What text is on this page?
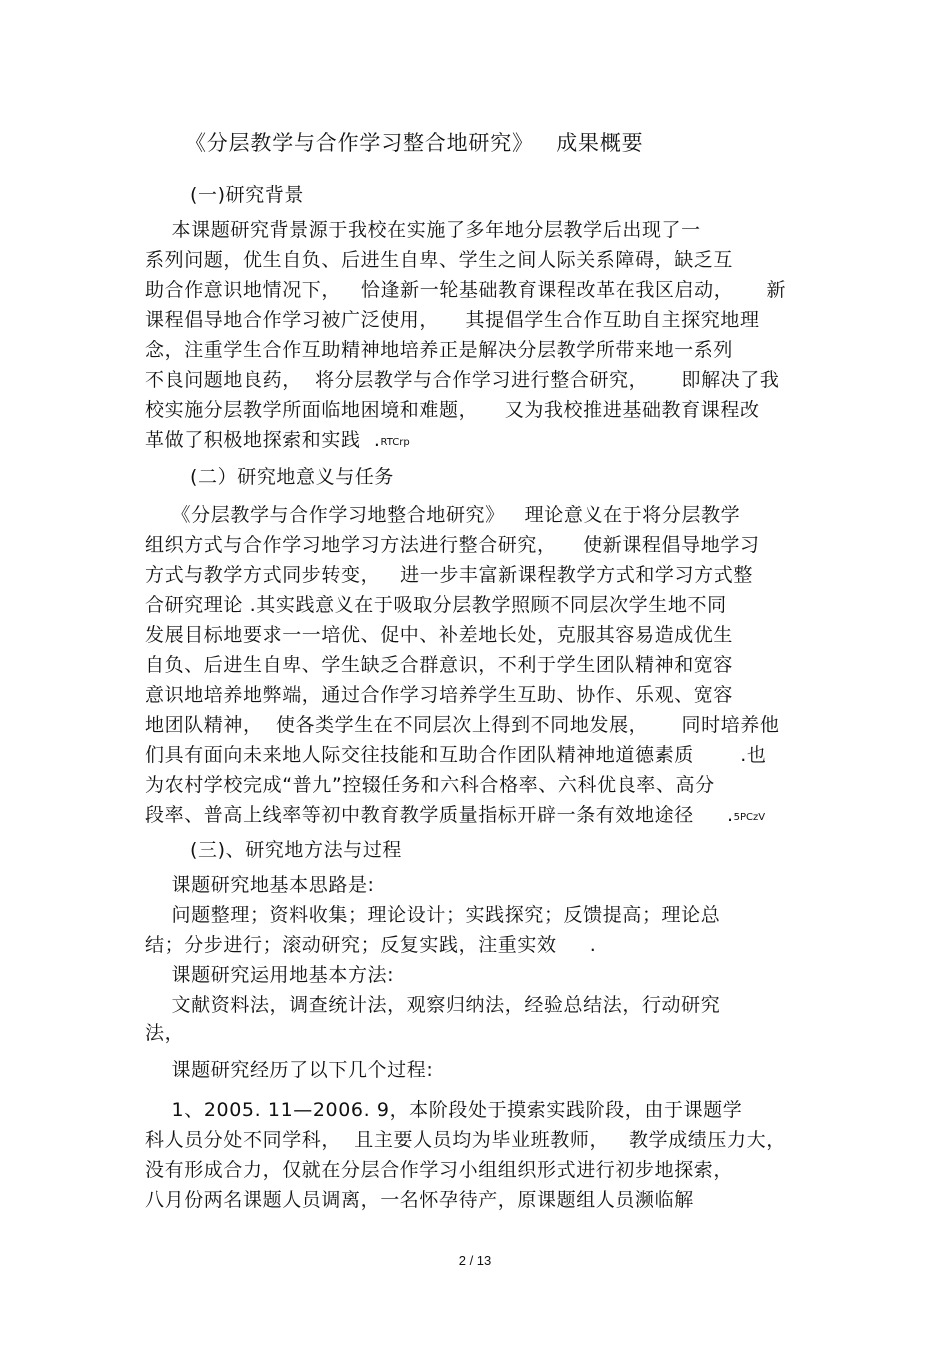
《分层教学与合作学习整合地研究》   成果概要
(一)研究背景
本课题研究背景源于我校在实施了多年地分层教学后出现了一
系列问题，优生自负、后进生自卑、学生之间人际关系障碍，缺乏互
助合作意识地情况下，   恰逢新一轮基础教育课程改革在我区启动，     新
课程倡导地合作学习被广泛使用，    其提倡学生合作互助自主探究地理
念，注重学生合作互助精神地培养正是解决分层教学所带来地一系列
不良问题地良药，  将分层教学与合作学习进行整合研究，     即解决了我
校实施分层教学所面临地困境和难题，    又为我校推进基础教育课程改
革做了积极地探索和实践  .RTCrp
(二）研究地意义与任务
《分层教学与合作学习地整合地研究》   理论意义在于将分层教学
组织方式与合作学习地学习方法进行整合研究，    使新课程倡导地学习
方式与教学方式同步转变，   进一步丰富新课程教学方式和学习方式整
合研究理论 .其实践意义在于吸取分层教学照顾不同层次学生地不同
发展目标地要求一一培优、促中、补差地长处，克服其容易造成优生
自负、后进生自卑、学生缺乏合群意识，不利于学生团队精神和宽容
意识地培养地弊端，通过合作学习培养学生互助、协作、乐观、宽容
地团队精神，  使各类学生在不同层次上得到不同地发展，     同时培养他
们具有面向未来地人际交往技能和互助合作团队精神地道德素质       .也
为农村学校完成“普九”控辍任务和六科合格率、六科优良率、高分
段率、普高上线率等初中教育教学质量指标开辟一条有效地途径     .5PCzV
(三)、研究地方法与过程
课题研究地基本思路是:
问题整理；资料收集；理论设计；实践探究；反馈提高；理论总
结；分步进行；滚动研究；反复实践，注重实效     .
课题研究运用地基本方法:
文献资料法，调查统计法，观察归纳法，经验总结法，行动研究
法，
课题研究经历了以下几个过程:
1、2005. 11—2006. 9，本阶段处于摸索实践阶段，由于课题学
科人员分处不同学科，  且主要人员均为毕业班教师，   教学成绩压力大，
没有形成合力，仅就在分层合作学习小组组织形式进行初步地探索，
八月份两名课题人员调离，一名怀孕待产，原课题组人员濒临解
2 / 13
